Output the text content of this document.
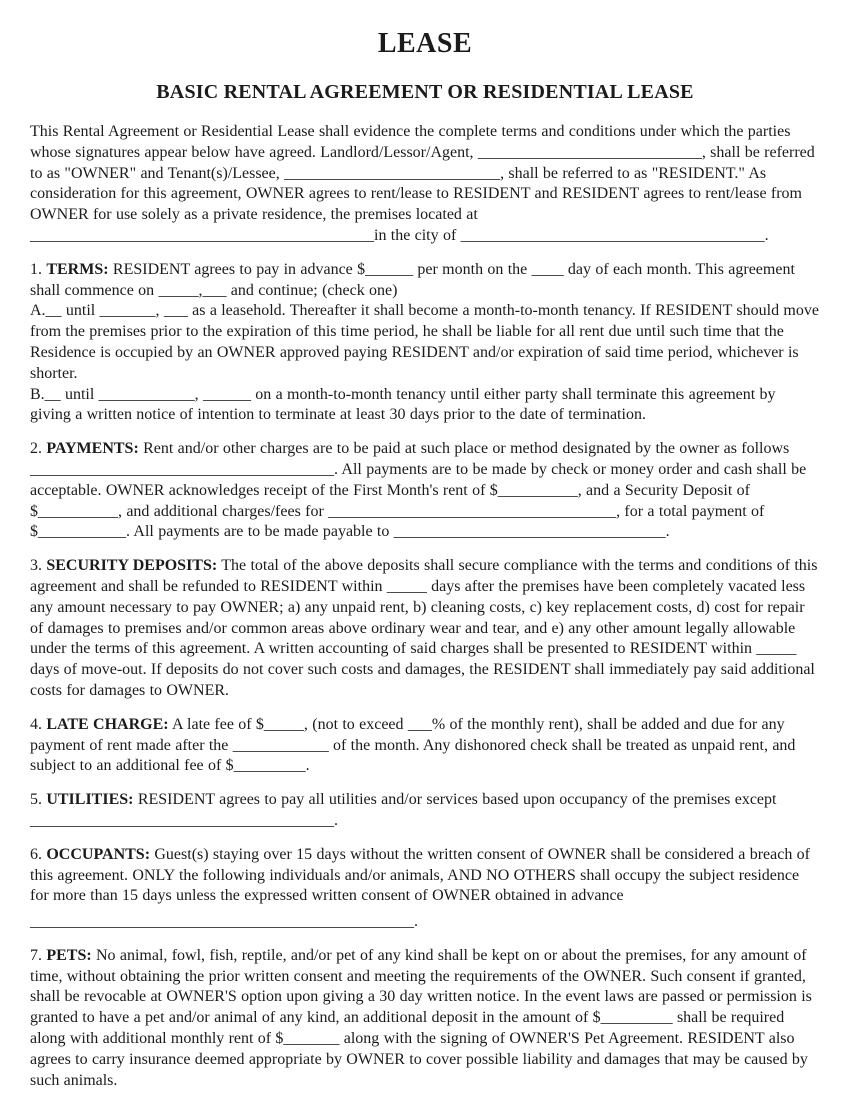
LEASE
BASIC RENTAL AGREEMENT OR RESIDENTIAL LEASE

This Rental Agreement or Residential Lease shall evidence the complete terms and conditions under which the parties whose signatures appear below have agreed. Landlord/Lessor/Agent, ____________________________, shall be referred to as "OWNER" and Tenant(s)/Lessee, ___________________________, shall be referred to as "RESIDENT." As consideration for this agreement, OWNER agrees to rent/lease to RESIDENT and RESIDENT agrees to rent/lease from OWNER for use solely as a private residence, the premises located at
___________________________________________in the city of ______________________________________.

1. TERMS: RESIDENT agrees to pay in advance $______ per month on the ____ day of each month. This agreement shall commence on _____,___ and continue; (check one)
A.__ until _______, ___ as a leasehold. Thereafter it shall become a month-to-month tenancy. If RESIDENT should move from the premises prior to the expiration of this time period, he shall be liable for all rent due until such time that the Residence is occupied by an OWNER approved paying RESIDENT and/or expiration of said time period, whichever is shorter.
B.__ until ____________, ______ on a month-to-month tenancy until either party shall terminate this agreement by giving a written notice of intention to terminate at least 30 days prior to the date of termination.

2. PAYMENTS: Rent and/or other charges are to be paid at such place or method designated by the owner as follows ______________________________________. All payments are to be made by check or money order and cash shall be acceptable. OWNER acknowledges receipt of the First Month's rent of $__________, and a Security Deposit of $__________, and additional charges/fees for ____________________________________, for a total payment of $___________. All payments are to be made payable to __________________________________.

3. SECURITY DEPOSITS: The total of the above deposits shall secure compliance with the terms and conditions of this agreement and shall be refunded to RESIDENT within _____ days after the premises have been completely vacated less any amount necessary to pay OWNER; a) any unpaid rent, b) cleaning costs, c) key replacement costs, d) cost for repair of damages to premises and/or common areas above ordinary wear and tear, and e) any other amount legally allowable under the terms of this agreement. A written accounting of said charges shall be presented to RESIDENT within _____ days of move-out. If deposits do not cover such costs and damages, the RESIDENT shall immediately pay said additional costs for damages to OWNER.

4. LATE CHARGE: A late fee of $_____, (not to exceed ___% of the monthly rent), shall be added and due for any payment of rent made after the ____________ of the month. Any dishonored check shall be treated as unpaid rent, and subject to an additional fee of $_________.

5. UTILITIES: RESIDENT agrees to pay all utilities and/or services based upon occupancy of the premises except
______________________________________.

6. OCCUPANTS: Guest(s) staying over 15 days without the written consent of OWNER shall be considered a breach of this agreement. ONLY the following individuals and/or animals, AND NO OTHERS shall occupy the subject residence for more than 15 days unless the expressed written consent of OWNER obtained in advance
________________________________________________.

7. PETS: No animal, fowl, fish, reptile, and/or pet of any kind shall be kept on or about the premises, for any amount of time, without obtaining the prior written consent and meeting the requirements of the OWNER. Such consent if granted, shall be revocable at OWNER'S option upon giving a 30 day written notice. In the event laws are passed or permission is granted to have a pet and/or animal of any kind, an additional deposit in the amount of $_________ shall be required along with additional monthly rent of $_______ along with the signing of OWNER'S Pet Agreement. RESIDENT also agrees to carry insurance deemed appropriate by OWNER to cover possible liability and damages that may be caused by such animals.
